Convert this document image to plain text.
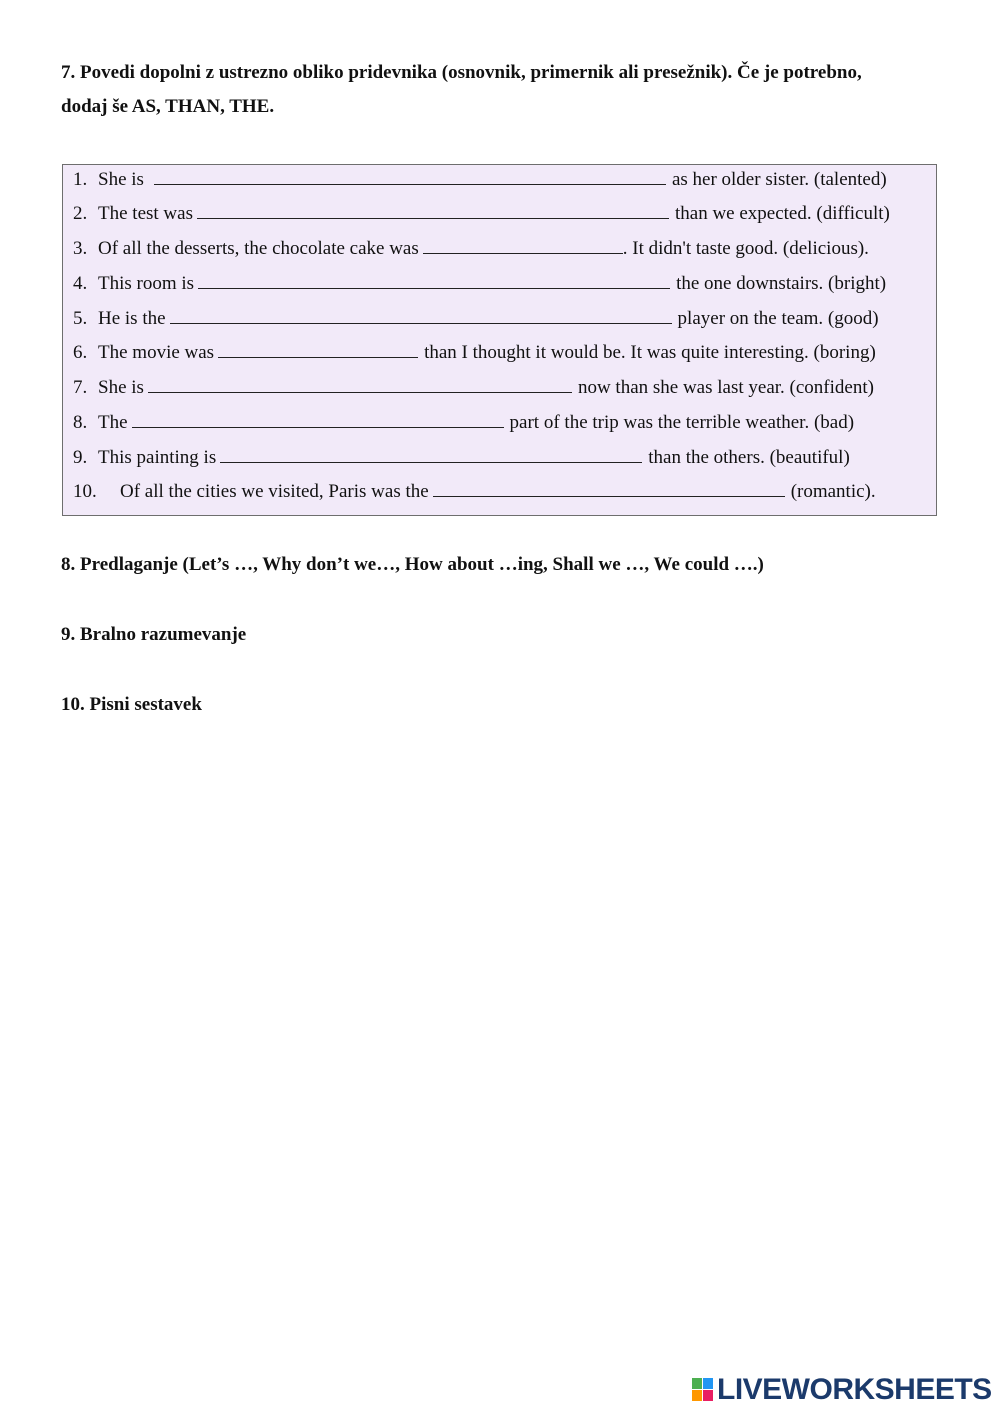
7. Povedi dopolni z ustrezno obliko pridevnika (osnovnik, primernik ali presežnik). Če je potrebno,
dodaj še AS, THAN, THE.
1. She is	as her older sister. (talented)
2. The test was	than we expected. (difficult)
3. Of all the desserts, the chocolate cake was	. It didn't taste good. (delicious).
4. This room is	the one downstairs. (bright)
5. He is the	player on the team. (good)
6. The movie was	than I thought it would be. It was quite interesting. (boring)
7. She is	now than she was last year. (confident)
8. The	part of the trip was the terrible weather. (bad)
9. This painting is	than the others. (beautiful)
10. Of all the cities we visited, Paris was the	(romantic).
8. Predlaganje (Let’s …, Why don’t we…, How about …ing, Shall we …, We could ….)
9. Bralno razumevanje
10. Pisni sestavek
LIVEWORKSHEETS
